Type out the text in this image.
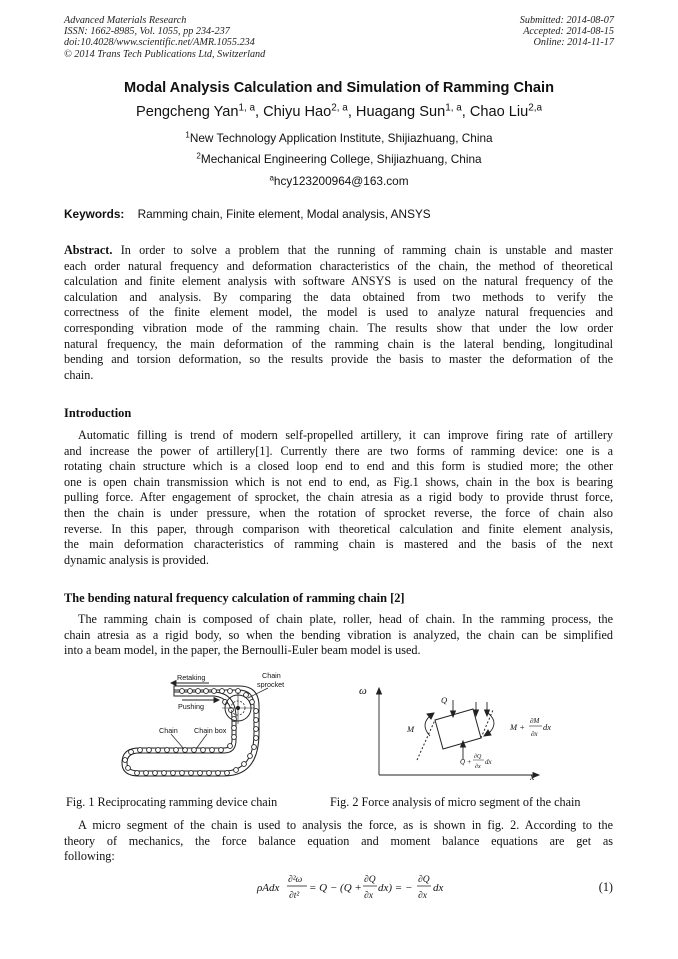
Advanced Materials Research
ISSN: 1662-8985, Vol. 1055, pp 234-237
doi:10.4028/www.scientific.net/AMR.1055.234
© 2014 Trans Tech Publications Ltd, Switzerland
Submitted: 2014-08-07
Accepted: 2014-08-15
Online: 2014-11-17
Modal Analysis Calculation and Simulation of Ramming Chain
Pengcheng Yan$^{1, a}$, Chiyu Hao$^{2, a}$, Huagang Sun$^{1, a}$, Chao Liu$^{2,a}$
$^1$New Technology Application Institute, Shijiazhuang, China
$^2$Mechanical Engineering College, Shijiazhuang, China
$^a$hcy123200964@163.com
Keywords: Ramming chain, Finite element, Modal analysis, ANSYS
Abstract. In order to solve a problem that the running of ramming chain is unstable and master
each order natural frequency and deformation characteristics of the chain, the method of theoretical
calculation and finite element analysis with software ANSYS is used on the natural frequency of the
calculation and analysis. By comparing the data obtained from two methods to verify the
correctness of the finite element model, the model is used to analyze natural frequencies and
corresponding vibration mode of the ramming chain. The results show that under the low order
natural frequency, the main deformation of the ramming chain is the lateral bending, longitudinal
bending and torsion deformation, so the results provide the basis to master the deformation of the
chain.
Introduction
Automatic filling is trend of modern self-propelled artillery, it can improve firing rate of artillery
and increase the power of artillery[1]. Currently there are two forms of ramming device: one is a
rotating chain structure which is a closed loop end to end and this form is studied more; the other
one is open chain transmission which is not end to end, as Fig.1 shows, chain in the box is bearing
pulling force. After engagement of sprocket, the chain atresia as a rigid body to provide thrust force,
then the chain is under pressure, when the rotation of sprocket reverse, the force of chain also
reverse. In this paper, through comparison with theoretical calculation and finite element analysis,
the main deformation characteristics of ramming chain is mastered and the basis of the next
dynamic analysis is provided.
The bending natural frequency calculation of ramming chain [2]
The ramming chain is composed of chain plate, roller, head of chain. In the ramming process, the
chain atresia as a rigid body, so when the bending vibration is analyzed, the chain can be simplified
into a beam model, in the paper, the Bernoulli-Euler beam model is used.
Retaking	Chain
sprocket
Pushing
Chain Chain box
ω
x
Q
M	M +
∂M
∂x
dx
Q +
∂Q
∂x
dx
Fig. 1 Reciprocating ramming device chain	Fig. 2 Force analysis of micro segment of the chain
A micro segment of the chain is used to analysis the force, as is shown in fig. 2. According to the
theory of mechanics, the force balance equation and moment balance equations are get as
following:
ρAdx
∂²ω
∂t²
= Q − (Q +
∂Q
∂x
dx) = −
∂Q
∂x
dx	(1)
